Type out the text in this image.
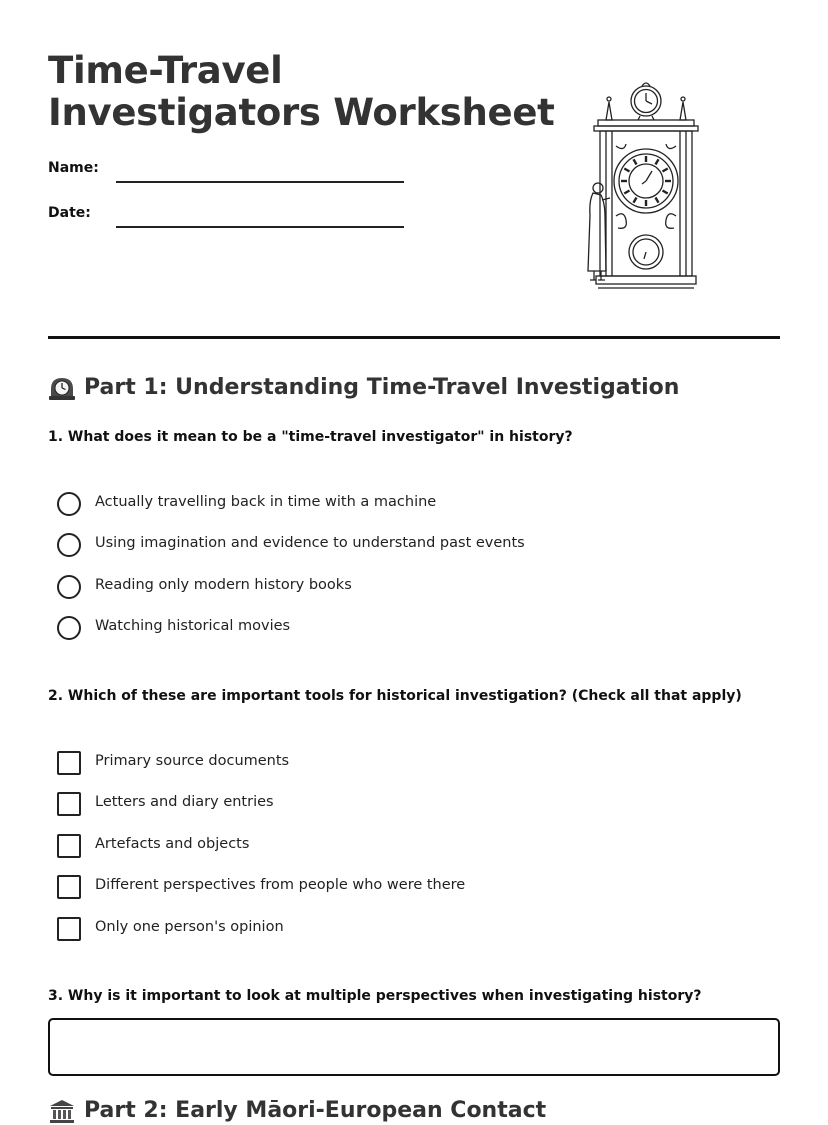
Time-Travel
Investigators Worksheet
Name:
Date:
Part 1: Understanding Time-Travel Investigation

1. What does it mean to be a "time-travel investigator" in history?

Actually travelling back in time with a machine
Using imagination and evidence to understand past events
Reading only modern history books
Watching historical movies

2. Which of these are important tools for historical investigation? (Check all that apply)

Primary source documents
Letters and diary entries
Artefacts and objects
Different perspectives from people who were there
Only one person's opinion

3. Why is it important to look at multiple perspectives when investigating history?

Part 2: Early Māori-European Contact
